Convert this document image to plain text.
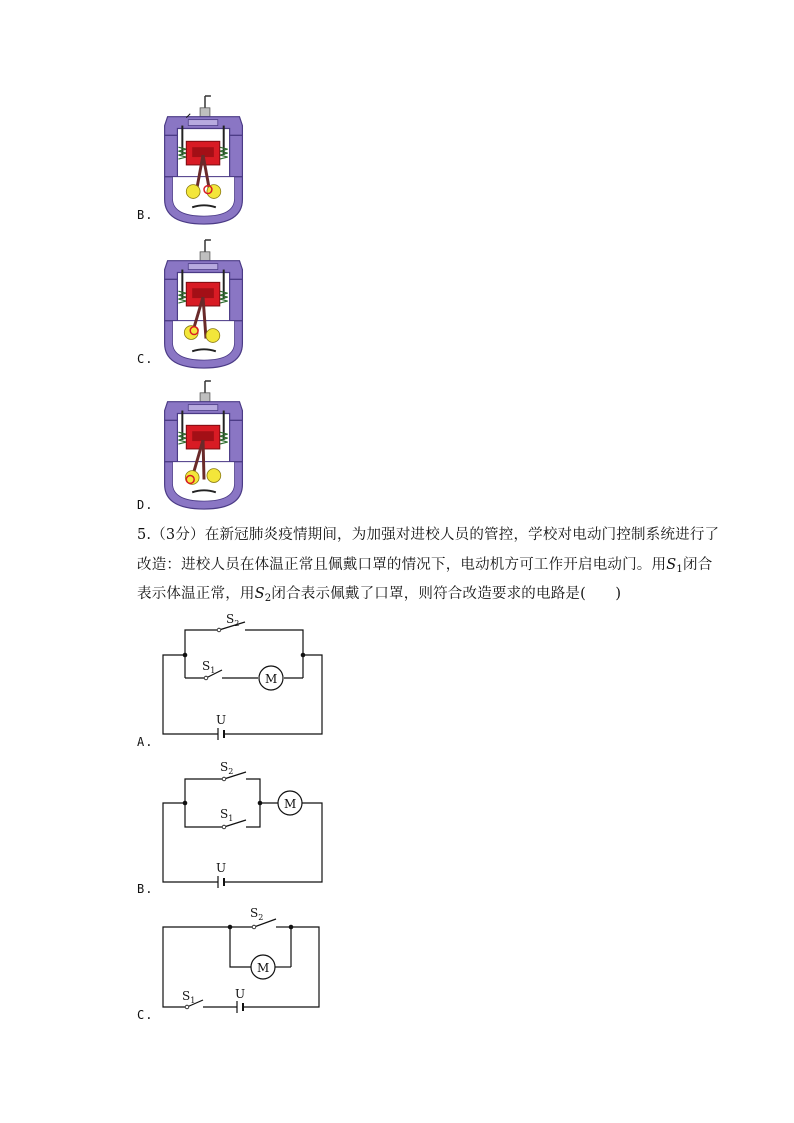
B.
C.
D.
5.（3分）在新冠肺炎疫情期间，为加强对进校人员的管控，学校对电动门控制系统进行了
改造：进校人员在体温正常且佩戴口罩的情况下，电动机方可工作开启电动门。用$S_1$闭合
表示体温正常，用$S_2$闭合表示佩戴了口罩，则符合改造要求的电路是(　　)
$S_2$
$S_1$
M
U
A.
$S_2$
$S_1$
M
U
B.
$S_2$
$S_1$
M
U
C.
